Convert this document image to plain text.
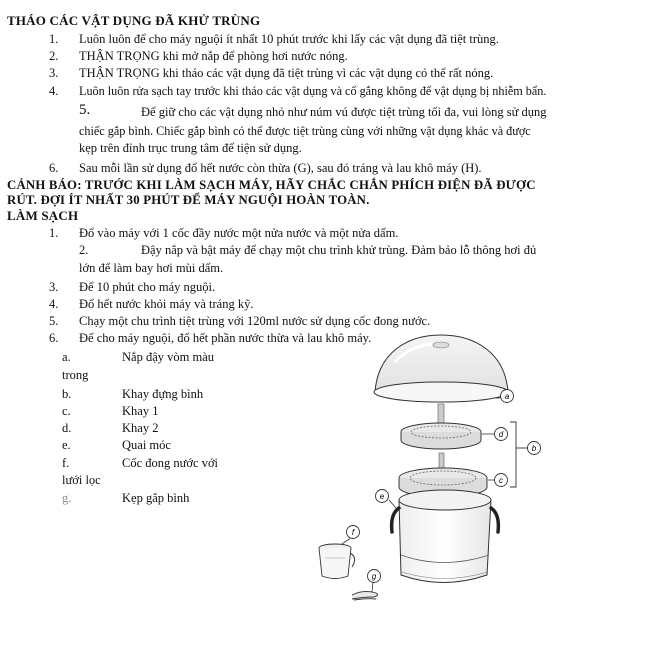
THÁO CÁC VẬT DỤNG ĐÃ KHỬ TRÙNG
1. Luôn luôn để cho máy nguội ít nhất 10 phút trước khi lấy các vật dụng đã tiệt trùng.
2. THẬN TRỌNG khi mở nắp để phòng hơi nước nóng.
3. THẬN TRỌNG khi tháo các vật dụng đã tiệt trùng vì các vật dụng có thể rất nóng.
4. Luôn luôn rửa sạch tay trước khi tháo các vật dụng và cố gắng không để vật dụng bị nhiễm bẩn.
5.	Để giữ cho các vật dụng nhỏ như núm vú được tiệt trùng tối đa, vui lòng sử dụng
chiếc gắp bình. Chiếc gắp bình có thể được tiệt trùng cùng với những vật dụng khác và được
kẹp trên đỉnh trục trung tâm để tiện sử dụng.
6. Sau mỗi lần sử dụng đổ hết nước còn thừa (G), sau đó tráng và lau khô máy (H).
CẢNH BÁO: TRƯỚC KHI LÀM SẠCH MÁY, HÃY CHẮC CHẮN PHÍCH ĐIỆN ĐÃ ĐƯỢC
RÚT. ĐỢI ÍT NHẤT 30 PHÚT ĐỂ MÁY NGUỘI HOÀN TOÀN.
LÀM SẠCH
1. Đổ vào máy với 1 cốc đầy nước một nửa nước và một nửa dấm.
2.	Đậy nắp và bật máy để chạy một chu trình khử trùng. Đảm bảo lỗ thông hơi đủ
lớn để làm bay hơi mùi dấm.
3. Để 10 phút cho máy nguội.
4. Đổ hết nước khỏi máy và tráng kỹ.
5. Chạy một chu trình tiệt trùng với 120ml nước sử dụng cốc đong nước.
6. Để cho máy nguội, đổ hết phần nước thừa và lau khô máy.
a.	Nắp đậy vòm màu
trong
b.	Khay đựng bình
c.	Khay 1
d.	Khay 2
e.	Quai móc
f.	Cốc đong nước với
lưới lọc
g.	Kẹp gắp bình
a
b
c
d
e
f
g
